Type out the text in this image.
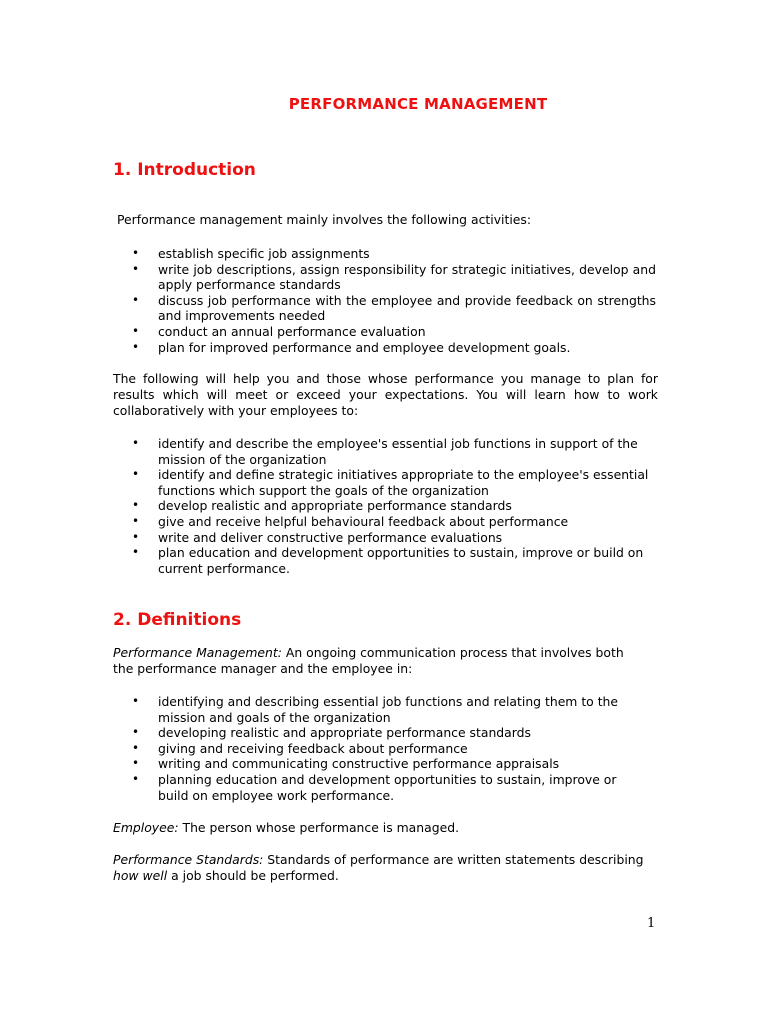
PERFORMANCE MANAGEMENT
1. Introduction
Performance management mainly involves the following activities:
• establish specific job assignments
• write job descriptions, assign responsibility for strategic initiatives, develop and apply performance standards
• discuss job performance with the employee and provide feedback on strengths and improvements needed
• conduct an annual performance evaluation
• plan for improved performance and employee development goals.
The following will help you and those whose performance you manage to plan for results which will meet or exceed your expectations. You will learn how to work collaboratively with your employees to:
• identify and describe the employee's essential job functions in support of the mission of the organization
• identify and define strategic initiatives appropriate to the employee's essential functions which support the goals of the organization
• develop realistic and appropriate performance standards
• give and receive helpful behavioural feedback about performance
• write and deliver constructive performance evaluations
• plan education and development opportunities to sustain, improve or build on current performance.
2. Definitions
Performance Management: An ongoing communication process that involves both the performance manager and the employee in:
• identifying and describing essential job functions and relating them to the mission and goals of the organization
• developing realistic and appropriate performance standards
• giving and receiving feedback about performance
• writing and communicating constructive performance appraisals
• planning education and development opportunities to sustain, improve or build on employee work performance.
Employee: The person whose performance is managed.
Performance Standards: Standards of performance are written statements describing how well a job should be performed.
1
